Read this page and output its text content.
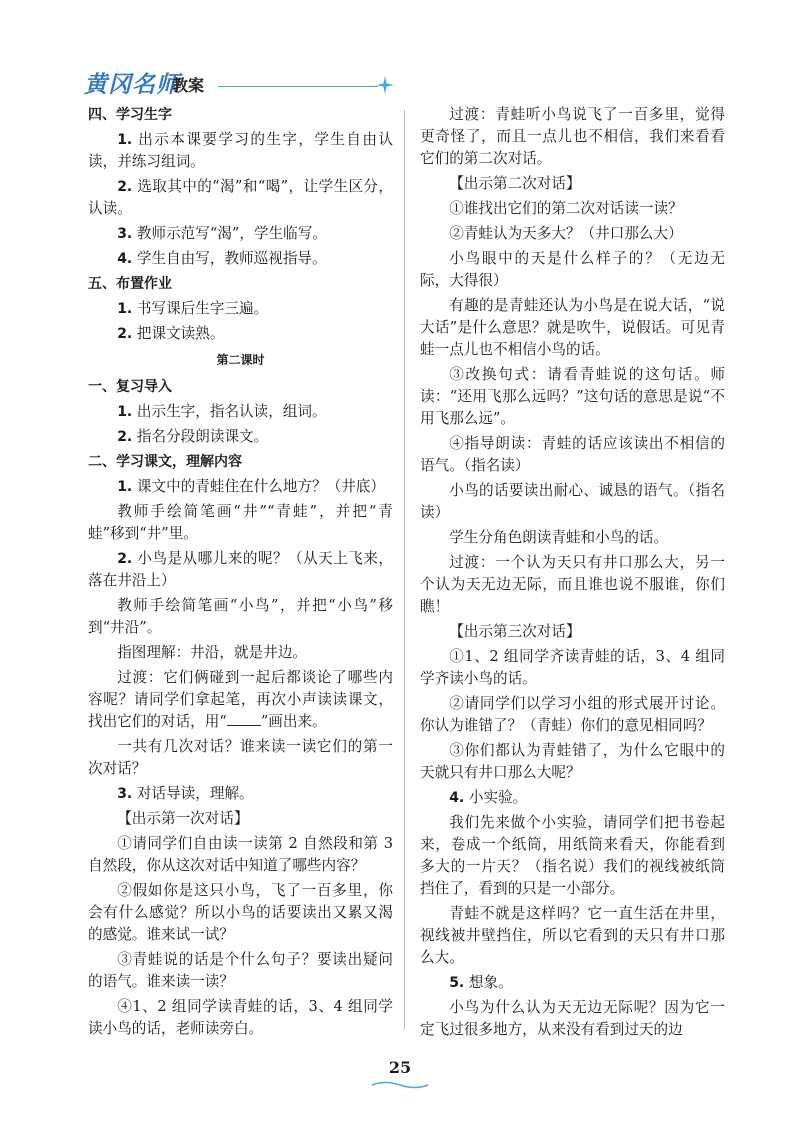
黄冈名师
教案

四、学习生字

1. 出示本课要学习的生字，学生自由认读，并练习组词。

2. 选取其中的“渴”和“喝”，让学生区分，认读。

3. 教师示范写“渴”，学生临写。

4. 学生自由写，教师巡视指导。

五、布置作业

1. 书写课后生字三遍。

2. 把课文读熟。

第二课时

一、复习导入

1. 出示生字，指名认读，组词。

2. 指名分段朗读课文。

二、学习课文，理解内容

1. 课文中的青蛙住在什么地方？（井底）

教师手绘简笔画“井”“青蛙”，并把“青蛙”移到“井”里。

2. 小鸟是从哪儿来的呢？（从天上飞来，落在井沿上）

教师手绘简笔画“小鸟”，并把“小鸟”移到“井沿”。

指图理解：井沿，就是井边。

过渡：它们俩碰到一起后都谈论了哪些内容呢？请同学们拿起笔，再次小声读读课文，找出它们的对话，用“ ”画出来。

一共有几次对话？谁来读一读它们的第一次对话？

3. 对话导读，理解。

【出示第一次对话】

①请同学们自由读一读第 2 自然段和第 3 自然段，你从这次对话中知道了哪些内容？

②假如你是这只小鸟，飞了一百多里，你会有什么感觉？所以小鸟的话要读出又累又渴的感觉。谁来试一试？

③青蛙说的话是个什么句子？要读出疑问的语气。谁来读一读？

④1、2 组同学读青蛙的话，3、4 组同学读小鸟的话，老师读旁白。

过渡：青蛙听小鸟说飞了一百多里，觉得更奇怪了，而且一点儿也不相信，我们来看看它们的第二次对话。

【出示第二次对话】

①谁找出它们的第二次对话读一读？

②青蛙认为天多大？（井口那么大）

小鸟眼中的天是什么样子的？（无边无际，大得很）

有趣的是青蛙还认为小鸟是在说大话，“说大话”是什么意思？就是吹牛，说假话。可见青蛙一点儿也不相信小鸟的话。

③改换句式：请看青蛙说的这句话。师读：“还用飞那么远吗？”这句话的意思是说“不用飞那么远”。

④指导朗读：青蛙的话应该读出不相信的语气。（指名读）

小鸟的话要读出耐心、诚恳的语气。（指名读）

学生分角色朗读青蛙和小鸟的话。

过渡：一个认为天只有井口那么大，另一个认为天无边无际，而且谁也说不服谁，你们瞧！

【出示第三次对话】

①1、2 组同学齐读青蛙的话，3、4 组同学齐读小鸟的话。

②请同学们以学习小组的形式展开讨论。你认为谁错了？（青蛙）你们的意见相同吗？

③你们都认为青蛙错了，为什么它眼中的天就只有井口那么大呢？

4. 小实验。

我们先来做个小实验，请同学们把书卷起来，卷成一个纸筒，用纸筒来看天，你能看到多大的一片天？（指名说）我们的视线被纸筒挡住了，看到的只是一小部分。

青蛙不就是这样吗？它一直生活在井里，视线被井壁挡住，所以它看到的天只有井口那么大。

5. 想象。

小鸟为什么认为天无边无际呢？因为它一定飞过很多地方，从来没有看到过天的边

25
